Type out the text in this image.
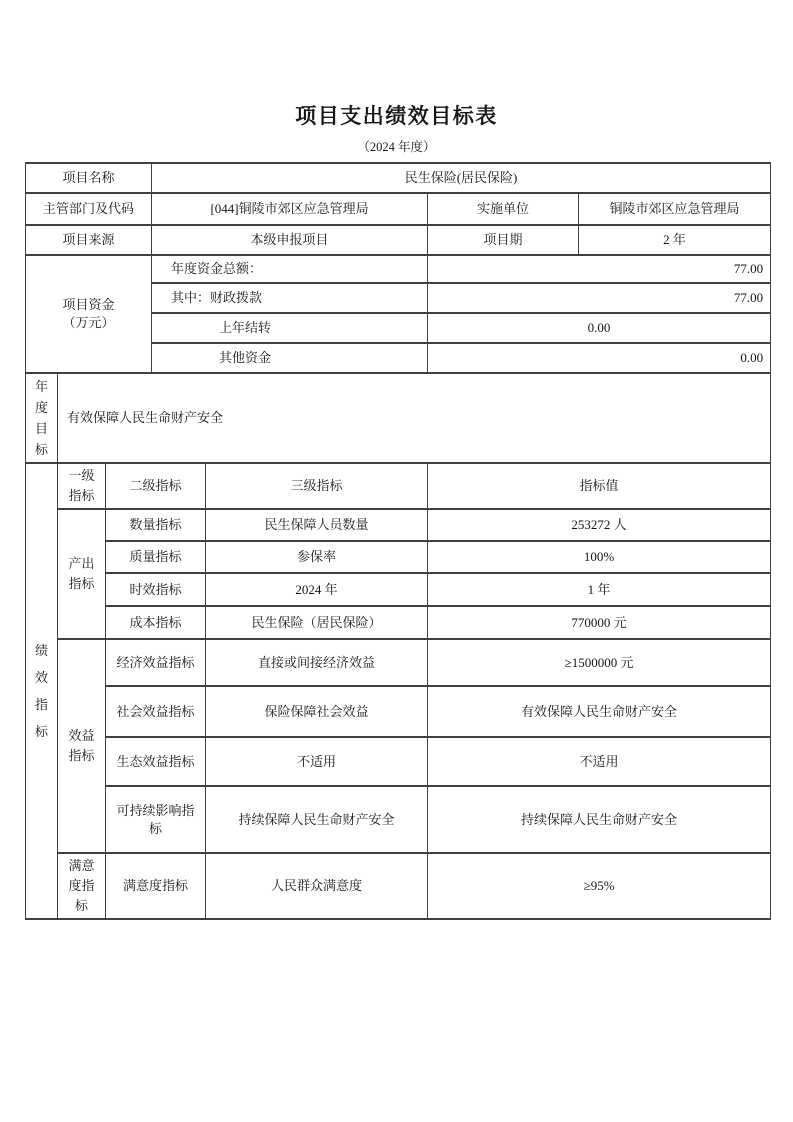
项目支出绩效目标表
（2024 年度）
项目名称			民生保险(居民保险)			
主管部门及代码			[044]铜陵市郊区应急管理局		实施单位	铜陵市郊区应急管理局
项目来源			本级申报项目		项目期	2 年

项目资金
（万元）			年度资金总额：		77.00	
			其中：财政拨款		77.00	
			上年结转		0.00	
			其他资金		0.00	

年度目标	有效保障人民生命财产安全					

绩效指标	一级指标	二级指标		三级指标	指标值	

	产出指标	数量指标		民生保障人员数量	253272 人	
		质量指标		参保率	100%	
		时效指标		2024 年	1 年	
		成本指标		民生保险（居民保险）	770000 元	

	效益指标	经济效益指标		直接或间接经济效益	≥1500000 元	
		社会效益指标		保险保障社会效益	有效保障人民生命财产安全	
		生态效益指标		不适用	不适用	
		可持续影响指标		持续保障人民生命财产安全	持续保障人民生命财产安全	

	满意度指标	满意度指标		人民群众满意度	≥95%	
